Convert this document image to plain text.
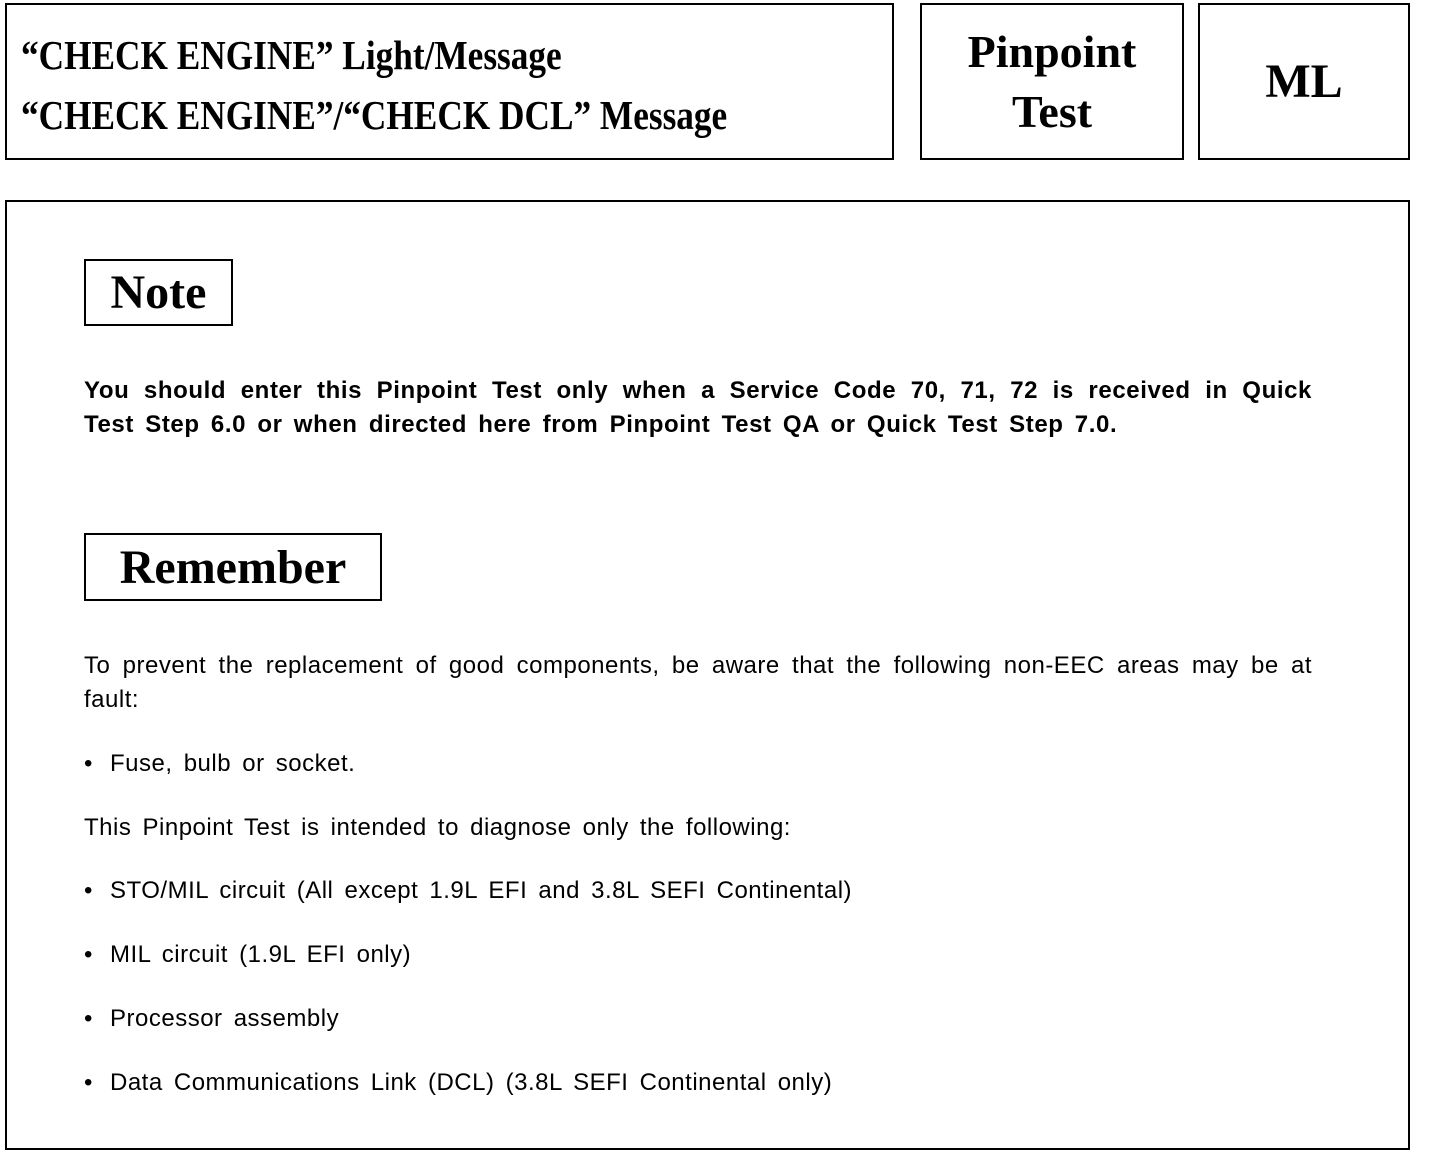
“CHECK ENGINE” Light/Message

“CHECK ENGINE”/“CHECK DCL” Message

Pinpoint
Test
ML
Note

You should enter this Pinpoint Test only when a Service Code 70, 71, 72 is received in Quick Test Step 6.0 or when directed here from Pinpoint Test QA or Quick Test Step 7.0.

Remember

To prevent the replacement of good components, be aware that the following non-EEC areas may be at fault:

• Fuse, bulb or socket.

This Pinpoint Test is intended to diagnose only the following:

• STO/MIL circuit (All except 1.9L EFI and 3.8L SEFI Continental)

• MIL circuit (1.9L EFI only)

• Processor assembly

• Data Communications Link (DCL) (3.8L SEFI Continental only)
